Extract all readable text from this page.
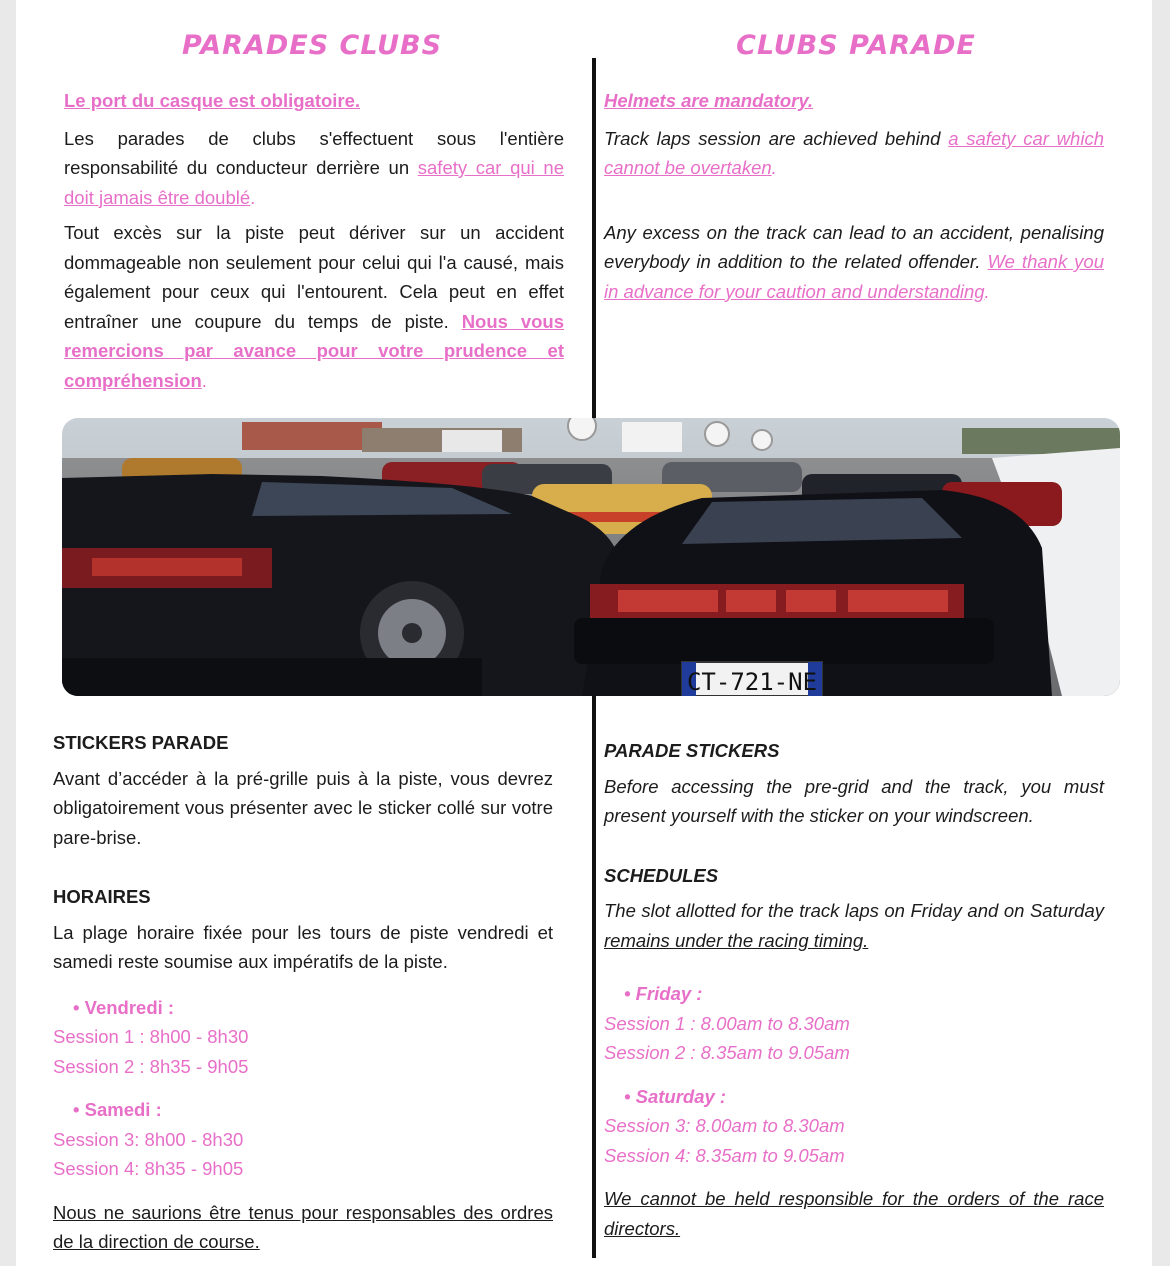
PARADES CLUBS	CLUBS PARADE

Le port du casque est obligatoire.

Les parades de clubs s'effectuent sous l'entière responsabilité du conducteur derrière un safety car qui ne doit jamais être doublé.

Tout excès sur la piste peut dériver sur un accident dommageable non seulement pour celui qui l'a causé, mais également pour ceux qui l'entourent. Cela peut en effet entraîner une coupure du temps de piste. Nous vous remercions par avance pour votre prudence et compréhension.

Helmets are mandatory.

Track laps session are achieved behind a safety car which cannot be overtaken.

Any excess on the track can lead to an accident, penalising everybody in addition to the related offender. We thank you in advance for your caution and understanding.

CT-721-NE

STICKERS PARADE

Avant d’accéder à la pré-grille puis à la piste, vous devrez obligatoirement vous présenter avec le sticker collé sur votre pare-brise.

HORAIRES

La plage horaire fixée pour les tours de piste vendredi et samedi reste soumise aux impératifs de la piste.

• Vendredi :

Session 1 : 8h00 - 8h30

Session 2 : 8h35 - 9h05

• Samedi :

Session 3: 8h00 - 8h30

Session 4: 8h35 - 9h05

Nous ne saurions être tenus pour responsables des ordres de la direction de course.

PARADE STICKERS

Before accessing the pre-grid and the track, you must present yourself with the sticker on your windscreen.

SCHEDULES

The slot allotted for the track laps on Friday and on Saturday remains under the racing timing.

• Friday :

Session 1 : 8.00am to 8.30am

Session 2 : 8.35am to 9.05am

• Saturday :

Session 3: 8.00am to 8.30am

Session 4: 8.35am to 9.05am

We cannot be held responsible for the orders of the race directors.
